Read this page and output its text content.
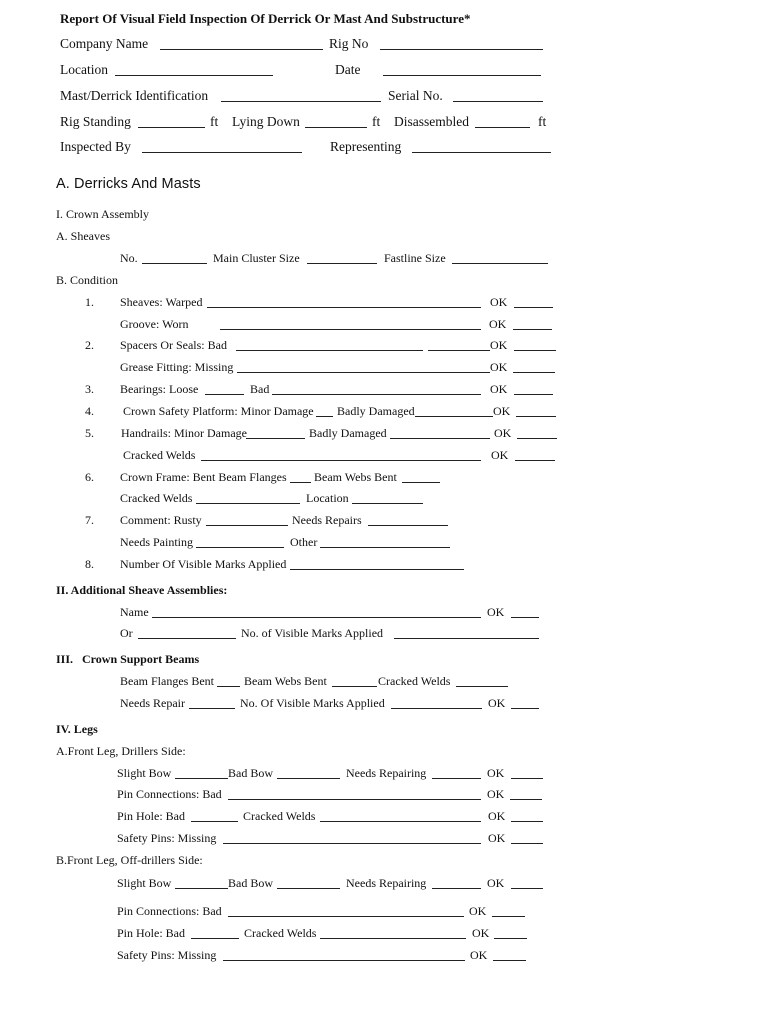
Report Of Visual Field Inspection Of Derrick Or Mast And Substructure*
Company Name	Rig No
Location	Date
Mast/Derrick Identification	Serial No.
Rig Standing	ft Lying Down	ft Disassembled	ft
Inspected By	Representing
A. Derricks And Masts
I. Crown Assembly
A. Sheaves
No.	Main Cluster Size	Fastline Size
B. Condition
1. Sheaves: Warped	OK
Groove: Worn	OK
2. Spacers Or Seals: Bad	OK
Grease Fitting: Missing	OK
3. Bearings: Loose	Bad	OK
4. Crown Safety Platform: Minor Damage Badly Damaged	OK
5. Handrails: Minor Damage	Badly Damaged	OK
Cracked Welds	OK
6. Crown Frame: Bent Beam Flanges Beam Webs Bent
Cracked Welds	Location
7. Comment: Rusty	Needs Repairs
Needs Painting	Other
8. Number Of Visible Marks Applied
II. Additional Sheave Assemblies:
Name	OK
Or	No. of Visible Marks Applied
III.   Crown Support Beams
Beam Flanges Bent	Beam Webs Bent	Cracked Welds
Needs Repair	No. Of Visible Marks Applied	OK
IV. Legs
A.Front Leg, Drillers Side:
Slight Bow	Bad Bow	Needs Repairing	OK
Pin Connections: Bad	OK
Pin Hole: Bad	Cracked Welds	OK
Safety Pins: Missing	OK
B.Front Leg, Off-drillers Side:
Slight Bow	Bad Bow	Needs Repairing	OK
Pin Connections: Bad	OK
Pin Hole: Bad	Cracked Welds	OK
Safety Pins: Missing	OK
